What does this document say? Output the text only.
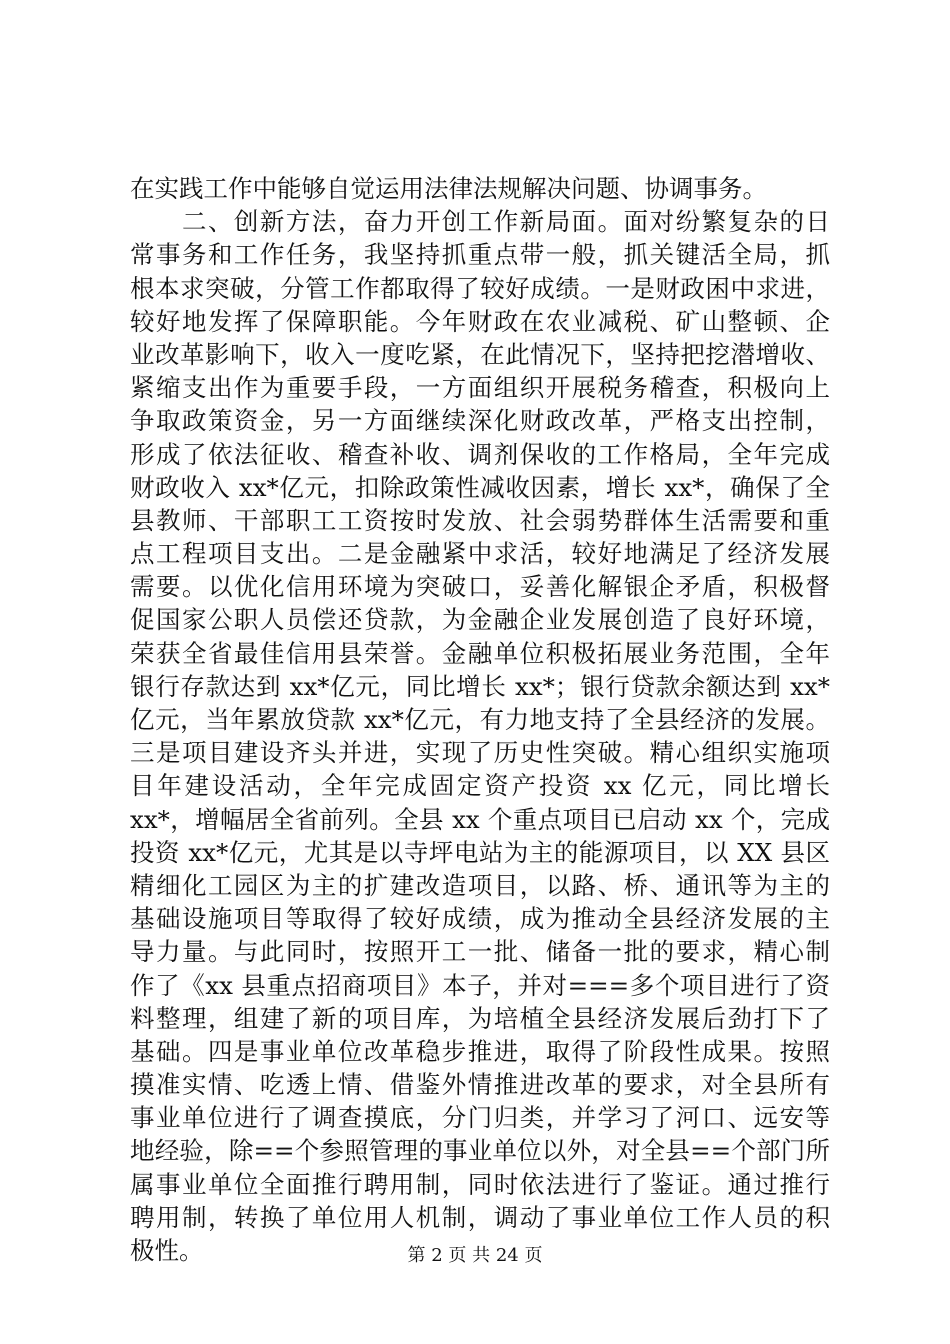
在实践工作中能够自觉运用法律法规解决问题、协调事务。
　　二、创新方法，奋力开创工作新局面。面对纷繁复杂的日
常事务和工作任务，我坚持抓重点带一般，抓关键活全局，抓
根本求突破，分管工作都取得了较好成绩。一是财政困中求进，
较好地发挥了保障职能。今年财政在农业减税、矿山整顿、企
业改革影响下，收入一度吃紧，在此情况下，坚持把挖潜增收、
紧缩支出作为重要手段，一方面组织开展税务稽查，积极向上
争取政策资金，另一方面继续深化财政改革，严格支出控制，
形成了依法征收、稽查补收、调剂保收的工作格局，全年完成
财政收入 xx*亿元，扣除政策性减收因素，增长 xx*，确保了全
县教师、干部职工工资按时发放、社会弱势群体生活需要和重
点工程项目支出。二是金融紧中求活，较好地满足了经济发展
需要。以优化信用环境为突破口，妥善化解银企矛盾，积极督
促国家公职人员偿还贷款，为金融企业发展创造了良好环境，
荣获全省最佳信用县荣誉。金融单位积极拓展业务范围，全年
银行存款达到 xx*亿元，同比增长 xx*；银行贷款余额达到 xx*
亿元，当年累放贷款 xx*亿元，有力地支持了全县经济的发展。
三是项目建设齐头并进，实现了历史性突破。精心组织实施项
目年建设活动，全年完成固定资产投资 xx 亿元，同比增长
xx*，增幅居全省前列。全县 xx 个重点项目已启动 xx 个，完成
投资 xx*亿元，尤其是以寺坪电站为主的能源项目，以 XX 县区
精细化工园区为主的扩建改造项目，以路、桥、通讯等为主的
基础设施项目等取得了较好成绩，成为推动全县经济发展的主
导力量。与此同时，按照开工一批、储备一批的要求，精心制
作了《xx 县重点招商项目》本子，并对===多个项目进行了资
料整理，组建了新的项目库，为培植全县经济发展后劲打下了
基础。四是事业单位改革稳步推进，取得了阶段性成果。按照
摸准实情、吃透上情、借鉴外情推进改革的要求，对全县所有
事业单位进行了调查摸底，分门归类，并学习了河口、远安等
地经验，除==个参照管理的事业单位以外，对全县==个部门所
属事业单位全面推行聘用制，同时依法进行了鉴证。通过推行
聘用制，转换了单位用人机制，调动了事业单位工作人员的积
极性。	第 2 页 共 24 页
